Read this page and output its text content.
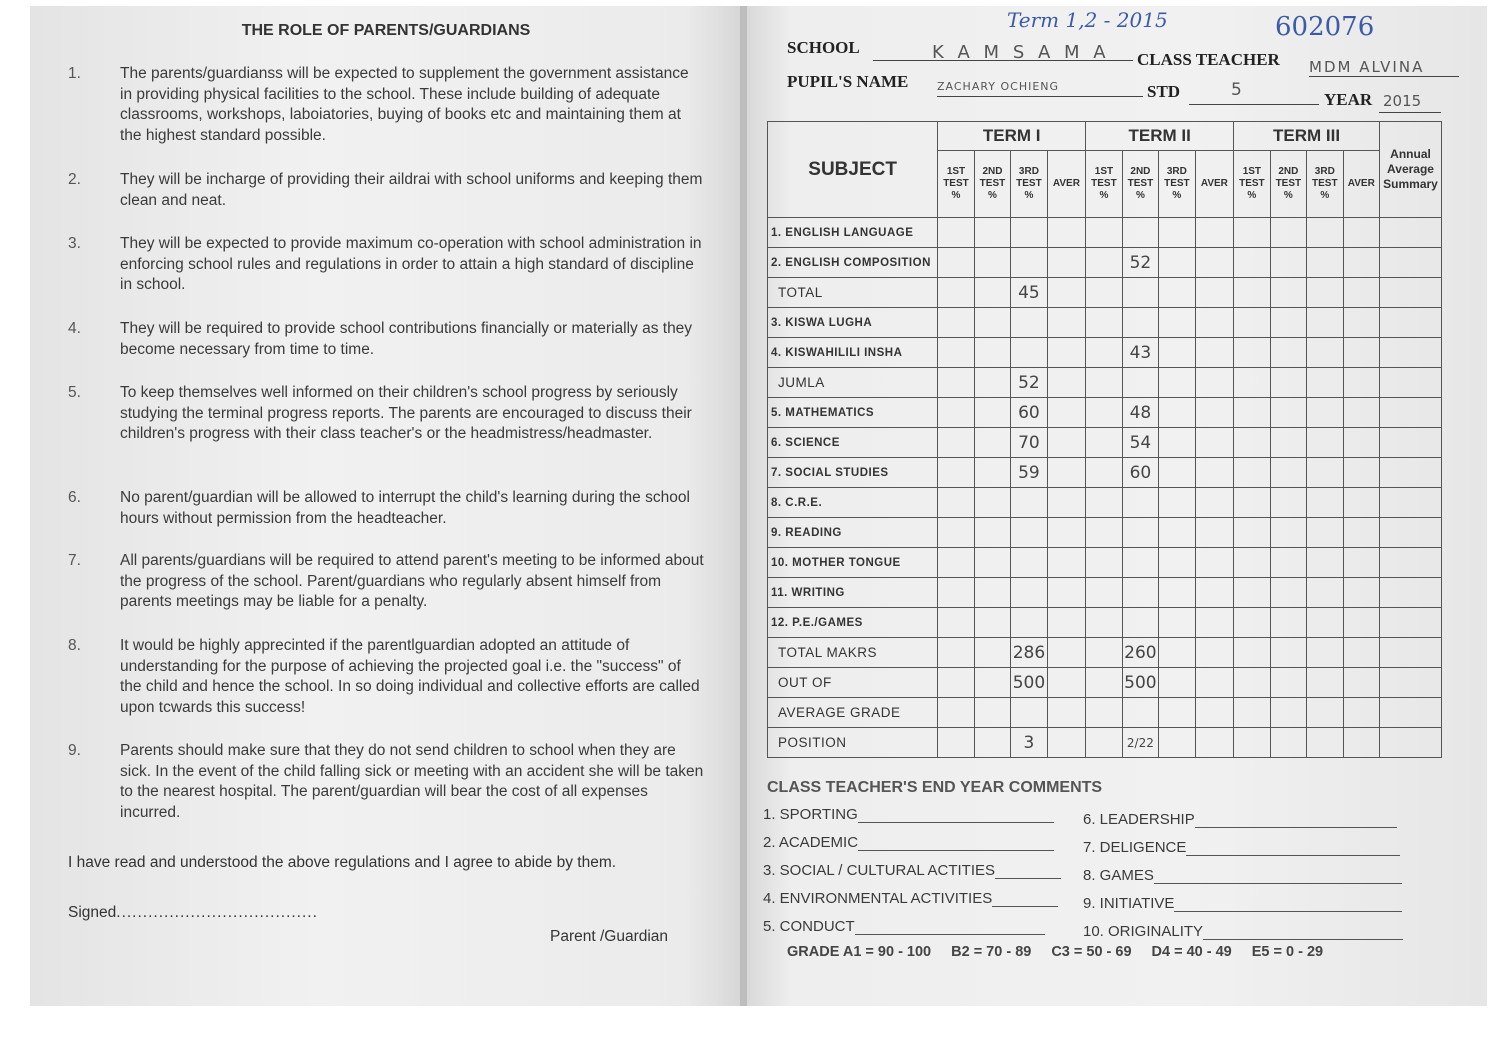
THE ROLE OF PARENTS/GUARDIANS
1.	The parents/guardianss will be expected to supplement the government assistance in providing physical facilities to the school. These include building of adequate classrooms, workshops, laboiatories, buying of books etc and maintaining them at the highest standard possible.
2.	They will be incharge of providing their aildrai with school uniforms and keeping them clean and neat.
3.	They will be expected to provide maximum co-operation with school administration in enforcing school rules and regulations in order to attain a high standard of discipline in school.
4.	They will be required to provide school contributions financially or materially as they become necessary from time to time.
5.	To keep themselves well informed on their children's school progress by seriously studying the terminal progress reports. The parents are encouraged to discuss their children's progress with their class teacher's or the headmistress/headmaster.
6.	No parent/guardian will be allowed to interrupt the child's learning during the school hours without permission from the headteacher.
7.	All parents/guardians will be required to attend parent's meeting to be informed about the progress of the school. Parent/guardians who regularly absent himself from parents meetings may be liable for a penalty.
8.	It would be highly apprecinted if the parentlguardian adopted an attitude of understanding for the purpose of achieving the projected goal i.e. the "success" of the child and hence the school. In so doing individual and collective efforts are called upon tcwards this success!
9.	Parents should make sure that they do not send children to school when they are sick. In the event of the child falling sick or meeting with an accident she will be taken to the nearest hospital. The parent/guardian will bear the cost of all expenses incurred.
I have read and understood the above regulations and I agree to abide by them.
Signed......................................
Parent /Guardian
Term 1,2 - 2015	602076
SCHOOL	K A M S A M A CLASS TEACHER MDM ALVINA
PUPIL'S NAME	ZACHARY OCHIENG	STD	5	YEAR 2015
SUBJECT	TERM I				TERM II				TERM III				Annual Average Summary
	1ST TEST %	2ND TEST %	3RD TEST %	AVER	1ST TEST %	2ND TEST %	3RD TEST %	AVER	1ST TEST %	2ND TEST %	3RD TEST %	AVER	
1. ENGLISH LANGUAGE													
2. ENGLISH COMPOSITION						52							
TOTAL			45										
3. KISWA LUGHA													
4. KISWAHILILI INSHA						43							
JUMLA			52										
5. MATHEMATICS			60			48							
6. SCIENCE			70			54							
7. SOCIAL STUDIES			59			60							
8. C.R.E.													
9. READING													
10. MOTHER TONGUE													
11. WRITING													
12. P.E./GAMES													
TOTAL MAKRS			286			260							
OUT OF			500			500							
AVERAGE GRADE													
POSITION			3			2/22							
CLASS TEACHER'S END YEAR COMMENTS
1. SPORTING
2. ACADEMIC
3. SOCIAL / CULTURAL ACTITIES
4. ENVIRONMENTAL ACTIVITIES
5. CONDUCT
6. LEADERSHIP
7. DELIGENCE
8. GAMES
9. INITIATIVE
10. ORIGINALITY
GRADE A1 = 90 - 100 B2 = 70 - 89 C3 = 50 - 69 D4 = 40 - 49 E5 = 0 - 29
